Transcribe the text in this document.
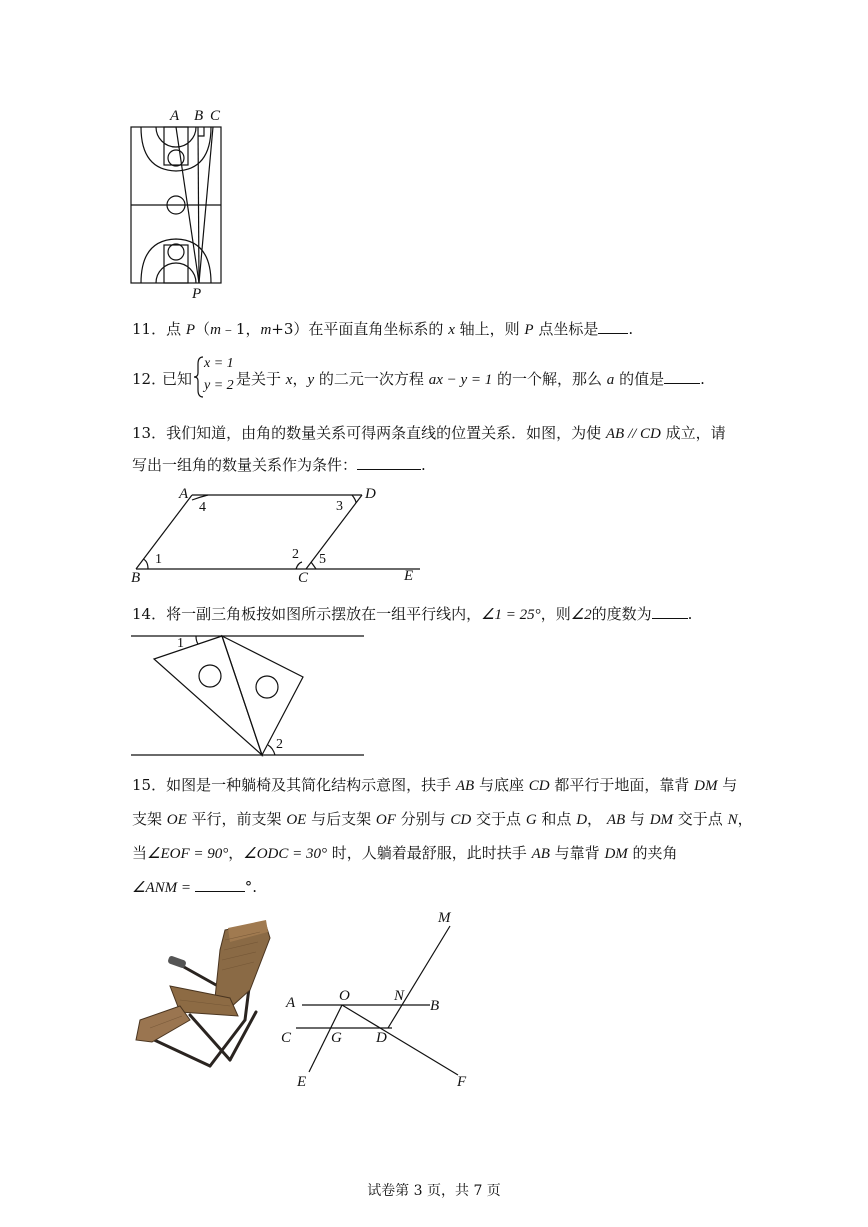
A B C
P
11．点 P（m﹣1，m+3）在平面直角坐标系的 x 轴上，则 P 点坐标是 .
12．
已知
x = 1
y = 2 是关于 x，y 的二元一次方程 ax − y = 1 的一个解，那么 a 的值是 .
13．我们知道，由角的数量关系可得两条直线的位置关系．如图，为使 AB // CD 成立，请
写出一组角的数量关系作为条件：	.
A	D
B	C	E
4	3
1	2 5
14．将一副三角板按如图所示摆放在一组平行线内，∠1 = 25°，则∠2的度数为 .
1
2
15．如图是一种躺椅及其简化结构示意图，扶手 AB 与底座 CD 都平行于地面，靠背 DM 与
支架 OE 平行，前支架 OE 与后支架 OF 分别与 CD 交于点 G 和点 D， AB 与 DM 交于点 N，
当∠EOF = 90°，∠ODC = 30° 时，人躺着最舒服，此时扶手 AB 与靠背 DM 的夹角
∠ANM =	°.
M
A	O	N
B
C	G D
E	F
试卷第 3 页，共 7 页
